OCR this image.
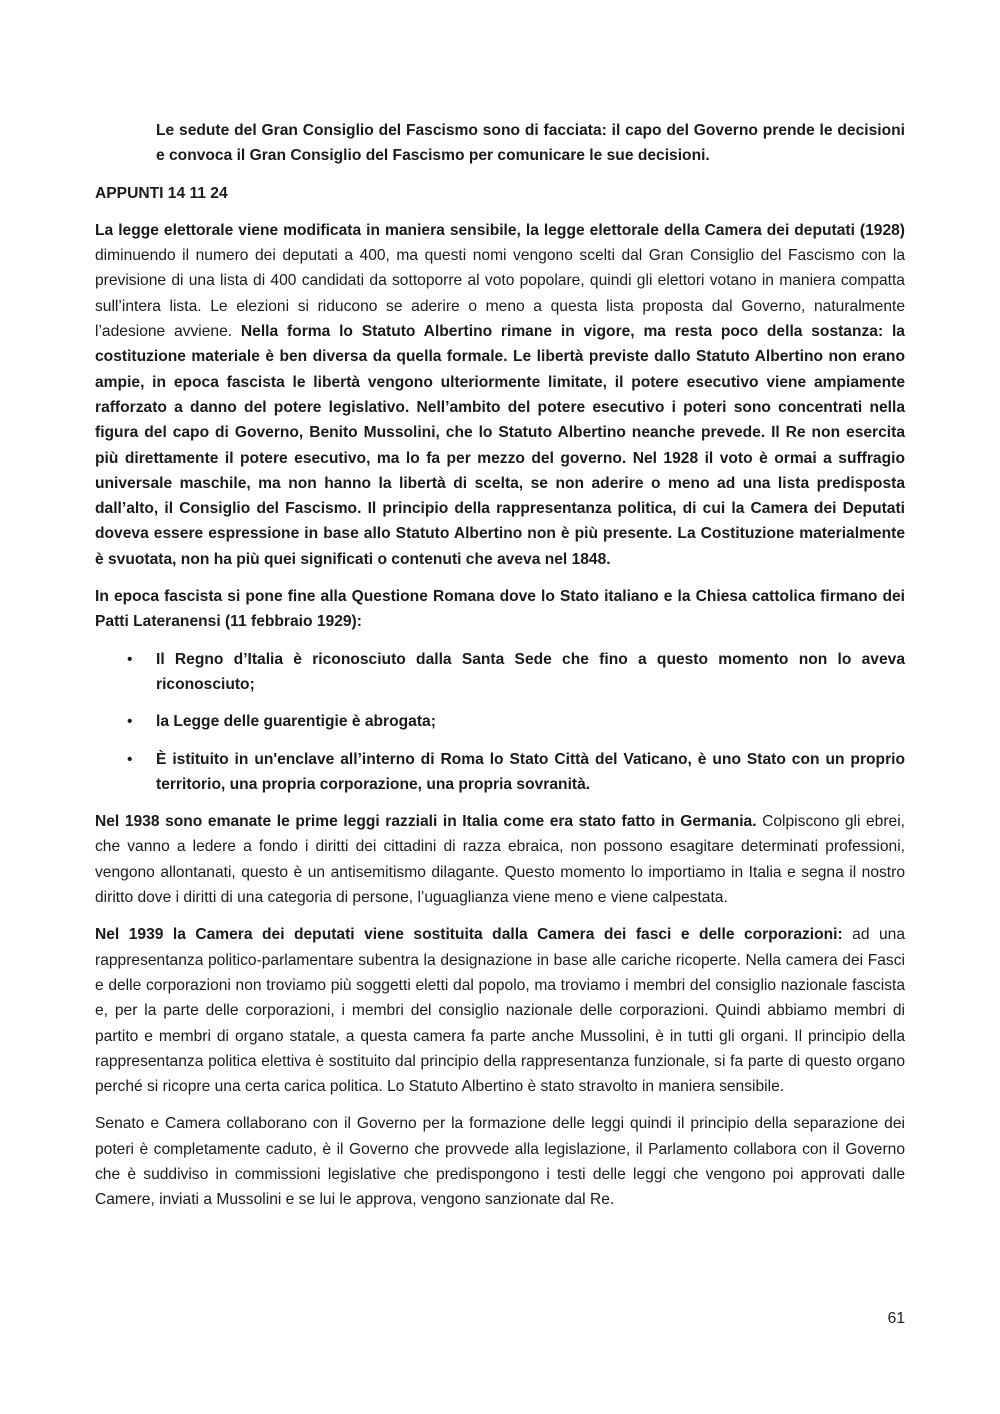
Le sedute del Gran Consiglio del Fascismo sono di facciata: il capo del Governo prende le decisioni e convoca il Gran Consiglio del Fascismo per comunicare le sue decisioni.

APPUNTI 14 11 24

La legge elettorale viene modificata in maniera sensibile, la legge elettorale della Camera dei deputati (1928) diminuendo il numero dei deputati a 400, ma questi nomi vengono scelti dal Gran Consiglio del Fascismo con la previsione di una lista di 400 candidati da sottoporre al voto popolare, quindi gli elettori votano in maniera compatta sull’intera lista. Le elezioni si riducono se aderire o meno a questa lista proposta dal Governo, naturalmente l’adesione avviene. Nella forma lo Statuto Albertino rimane in vigore, ma resta poco della sostanza: la costituzione materiale è ben diversa da quella formale. Le libertà previste dallo Statuto Albertino non erano ampie, in epoca fascista le libertà vengono ulteriormente limitate, il potere esecutivo viene ampiamente rafforzato a danno del potere legislativo. Nell’ambito del potere esecutivo i poteri sono concentrati nella figura del capo di Governo, Benito Mussolini, che lo Statuto Albertino neanche prevede. Il Re non esercita più direttamente il potere esecutivo, ma lo fa per mezzo del governo. Nel 1928 il voto è ormai a suffragio universale maschile, ma non hanno la libertà di scelta, se non aderire o meno ad una lista predisposta dall’alto, il Consiglio del Fascismo. Il principio della rappresentanza politica, di cui la Camera dei Deputati doveva essere espressione in base allo Statuto Albertino non è più presente. La Costituzione materialmente è svuotata, non ha più quei significati o contenuti che aveva nel 1848.

In epoca fascista si pone fine alla Questione Romana dove lo Stato italiano e la Chiesa cattolica firmano dei Patti Lateranensi (11 febbraio 1929):

• Il Regno d’Italia è riconosciuto dalla Santa Sede che fino a questo momento non lo aveva riconosciuto;
• la Legge delle guarentigie è abrogata;
• È istituito in un'enclave all’interno di Roma lo Stato Città del Vaticano, è uno Stato con un proprio territorio, una propria corporazione, una propria sovranità.

Nel 1938 sono emanate le prime leggi razziali in Italia come era stato fatto in Germania. Colpiscono gli ebrei, che vanno a ledere a fondo i diritti dei cittadini di razza ebraica, non possono esagitare determinati professioni, vengono allontanati, questo è un antisemitismo dilagante. Questo momento lo importiamo in Italia e segna il nostro diritto dove i diritti di una categoria di persone, l’uguaglianza viene meno e viene calpestata.

Nel 1939 la Camera dei deputati viene sostituita dalla Camera dei fasci e delle corporazioni: ad una rappresentanza politico-parlamentare subentra la designazione in base alle cariche ricoperte. Nella camera dei Fasci e delle corporazioni non troviamo più soggetti eletti dal popolo, ma troviamo i membri del consiglio nazionale fascista e, per la parte delle corporazioni, i membri del consiglio nazionale delle corporazioni. Quindi abbiamo membri di partito e membri di organo statale, a questa camera fa parte anche Mussolini, è in tutti gli organi. Il principio della rappresentanza politica elettiva è sostituito dal principio della rappresentanza funzionale, si fa parte di questo organo perché si ricopre una certa carica politica. Lo Statuto Albertino è stato stravolto in maniera sensibile.

Senato e Camera collaborano con il Governo per la formazione delle leggi quindi il principio della separazione dei poteri è completamente caduto, è il Governo che provvede alla legislazione, il Parlamento collabora con il Governo che è suddiviso in commissioni legislative che predispongono i testi delle leggi che vengono poi approvati dalle Camere, inviati a Mussolini e se lui le approva, vengono sanzionate dal Re.

61
